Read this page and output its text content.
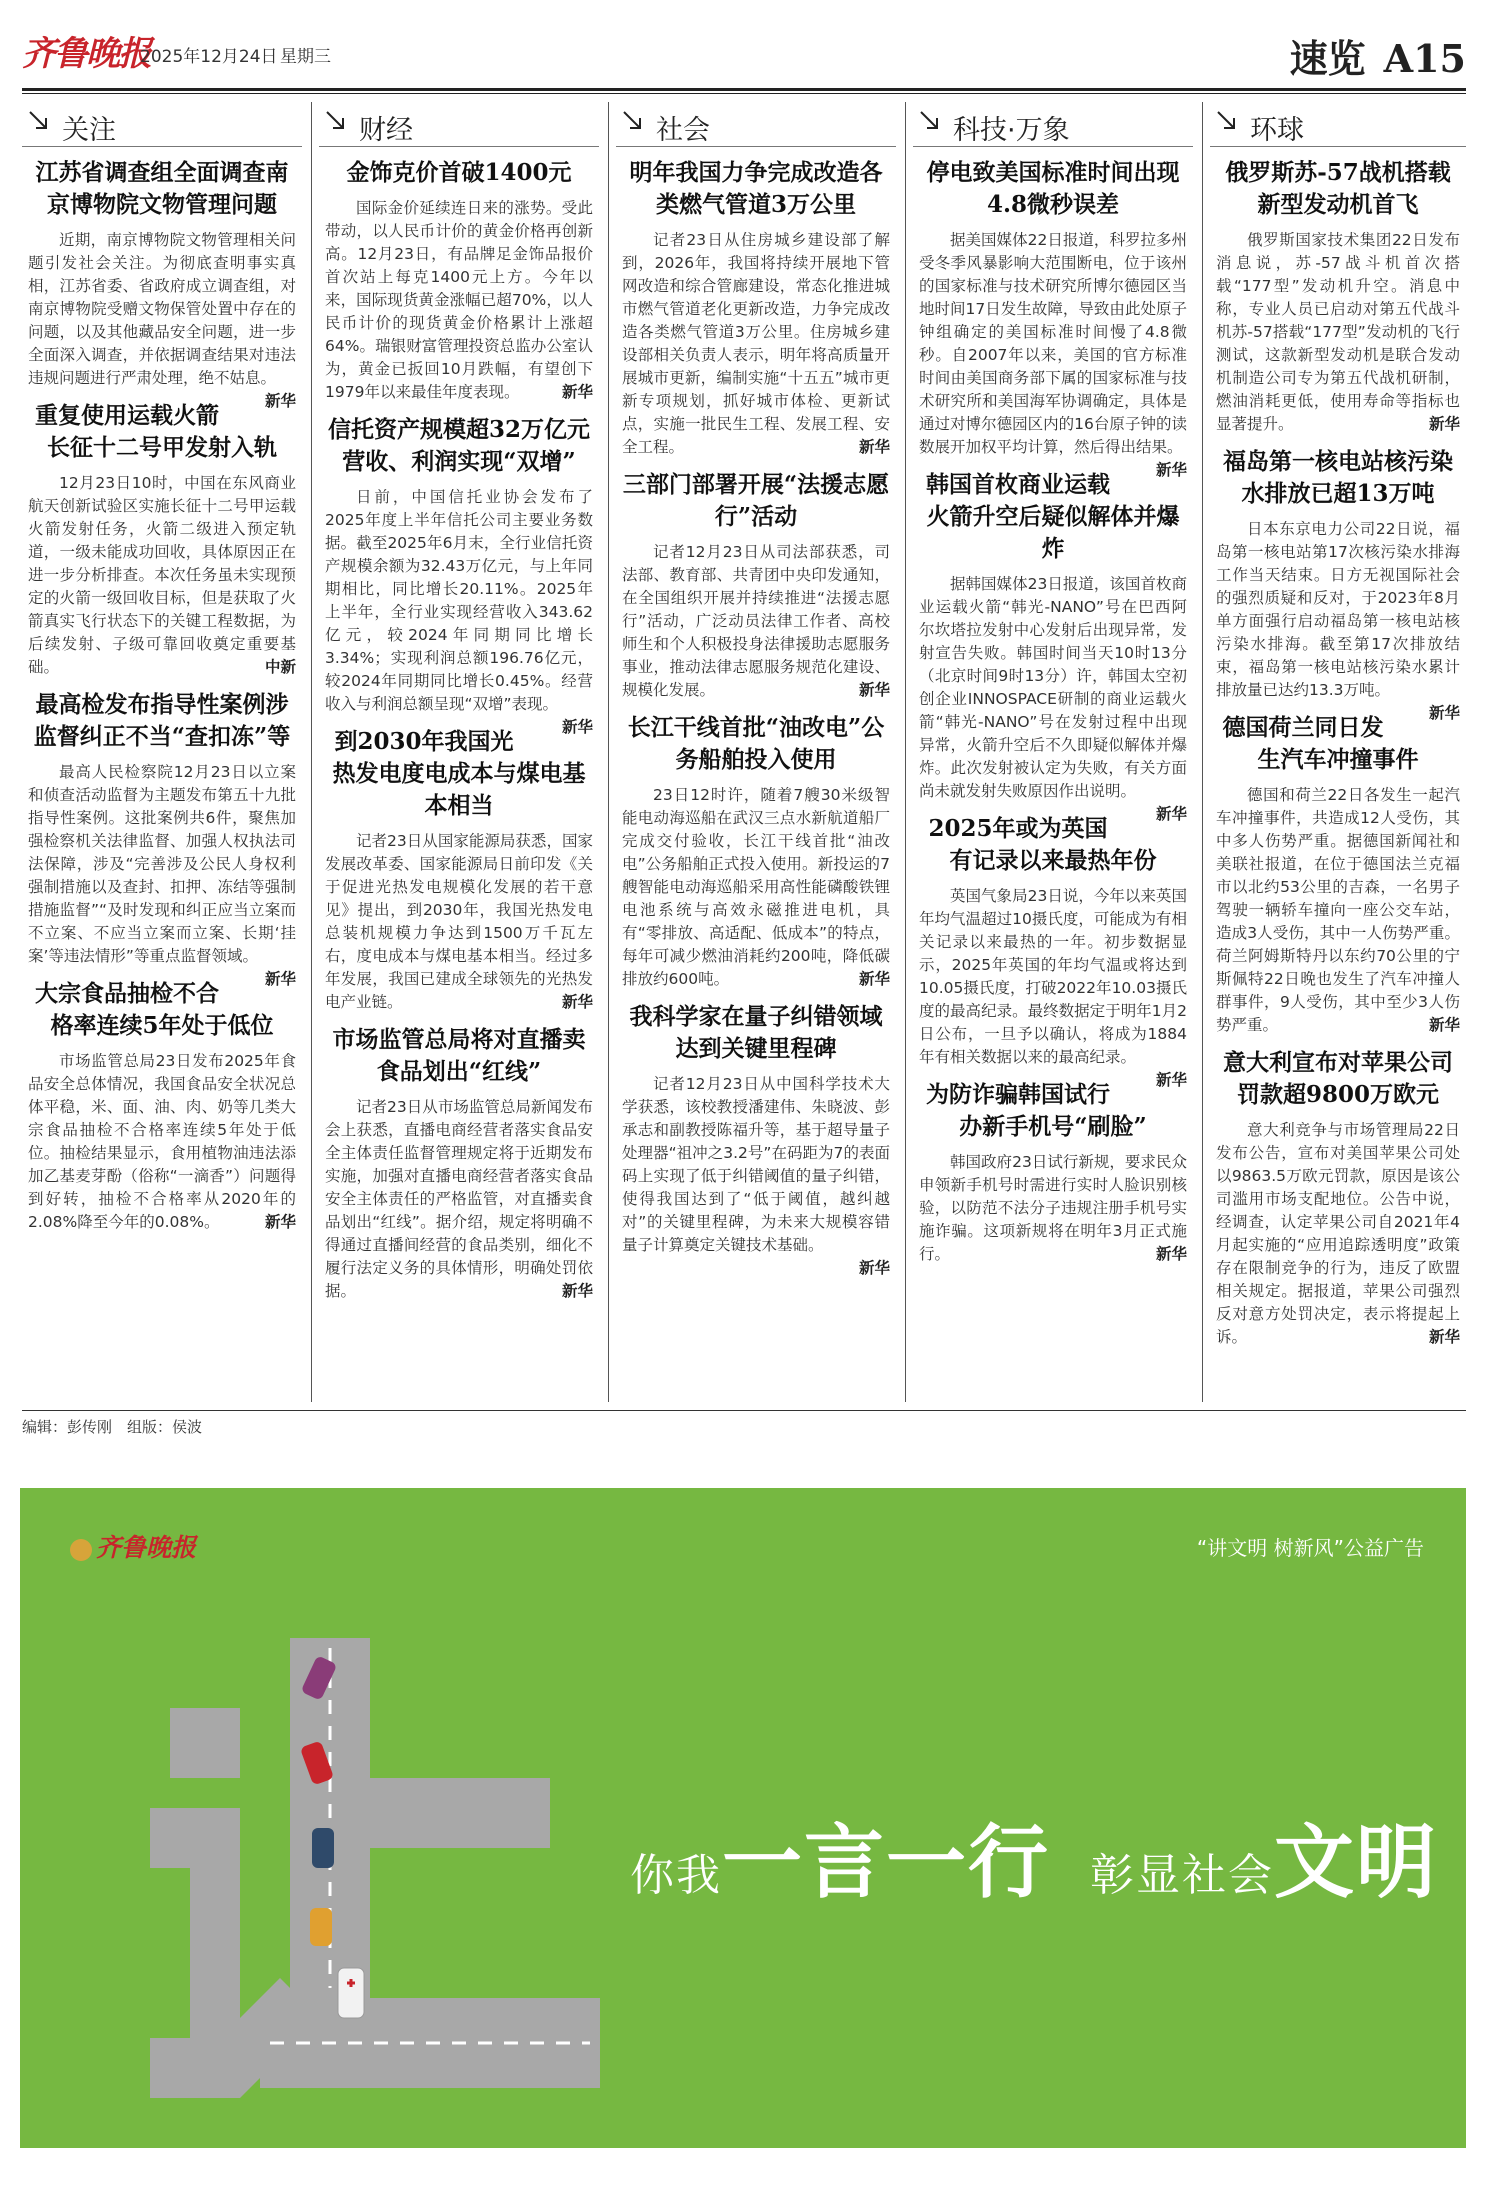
齐鲁晚报
2025年12月24日 星期三	速览 A15
关注
江苏省调查组全面调查南京博物院文物管理问题

近期，南京博物院文物管理相关问题引发社会关注。为彻底查明事实真相，江苏省委、省政府成立调查组，对南京博物院受赠文物保管处置中存在的问题，以及其他藏品安全问题，进一步全面深入调查，并依据调查结果对违法违规问题进行严肃处理，绝不姑息。
新华

重复使用运载火箭长征十二号甲发射入轨

12月23日10时，中国在东风商业航天创新试验区实施长征十二号甲运载火箭发射任务，火箭二级进入预定轨道，一级未能成功回收，具体原因正在进一步分析排查。本次任务虽未实现预定的火箭一级回收目标，但是获取了火箭真实飞行状态下的关键工程数据，为后续发射、子级可靠回收奠定重要基础。	中新

最高检发布指导性案例涉监督纠正不当“查扣冻”等

最高人民检察院12月23日以立案和侦查活动监督为主题发布第五十九批指导性案例。这批案例共6件，聚焦加强检察机关法律监督、加强人权执法司法保障，涉及“完善涉及公民人身权利强制措施以及查封、扣押、冻结等强制措施监督”“及时发现和纠正应当立案而不立案、不应当立案而立案、长期‘挂案’等违法情形”等重点监督领域。
新华

大宗食品抽检不合格率连续5年处于低位

市场监管总局23日发布2025年食品安全总体情况，我国食品安全状况总体平稳，米、面、油、肉、奶等几类大宗食品抽检不合格率连续5年处于低位。抽检结果显示，食用植物油违法添加乙基麦芽酚（俗称“一滴香”）问题得到好转，抽检不合格率从2020年的2.08%降至今年的0.08%。	新华

财经
金饰克价首破1400元

国际金价延续连日来的涨势。受此带动，以人民币计价的黄金价格再创新高。12月23日，有品牌足金饰品报价首次站上每克1400元上方。今年以来，国际现货黄金涨幅已超70%，以人民币计价的现货黄金价格累计上涨超64%。瑞银财富管理投资总监办公室认为，黄金已扳回10月跌幅，有望创下1979年以来最佳年度表现。	新华

信托资产规模超32万亿元营收、利润实现“双增”

日前，中国信托业协会发布了2025年度上半年信托公司主要业务数据。截至2025年6月末，全行业信托资产规模余额为32.43万亿元，与上年同期相比，同比增长20.11%。2025年上半年，全行业实现经营收入343.62亿元，较2024年同期同比增长3.34%；实现利润总额196.76亿元，较2024年同期同比增长0.45%。经营收入与利润总额呈现“双增”表现。
新华

到2030年我国光热发电度电成本与煤电基本相当

记者23日从国家能源局获悉，国家发展改革委、国家能源局日前印发《关于促进光热发电规模化发展的若干意见》提出，到2030年，我国光热发电总装机规模力争达到1500万千瓦左右，度电成本与煤电基本相当。经过多年发展，我国已建成全球领先的光热发电产业链。	新华

市场监管总局将对直播卖食品划出“红线”

记者23日从市场监管总局新闻发布会上获悉，直播电商经营者落实食品安全主体责任监督管理规定将于近期发布实施，加强对直播电商经营者落实食品安全主体责任的严格监管，对直播卖食品划出“红线”。据介绍，规定将明确不得通过直播间经营的食品类别，细化不履行法定义务的具体情形，明确处罚依据。	新华

社会
明年我国力争完成改造各类燃气管道3万公里

记者23日从住房城乡建设部了解到，2026年，我国将持续开展地下管网改造和综合管廊建设，常态化推进城市燃气管道老化更新改造，力争完成改造各类燃气管道3万公里。住房城乡建设部相关负责人表示，明年将高质量开展城市更新，编制实施“十五五”城市更新专项规划，抓好城市体检、更新试点，实施一批民生工程、发展工程、安全工程。	新华

三部门部署开展“法援志愿行”活动

记者12月23日从司法部获悉，司法部、教育部、共青团中央印发通知，在全国组织开展并持续推进“法援志愿行”活动，广泛动员法律工作者、高校师生和个人积极投身法律援助志愿服务事业，推动法律志愿服务规范化建设、规模化发展。	新华

长江干线首批“油改电”公务船舶投入使用

23日12时许，随着7艘30米级智能电动海巡船在武汉三点水新航道船厂完成交付验收，长江干线首批“油改电”公务船舶正式投入使用。新投运的7艘智能电动海巡船采用高性能磷酸铁锂电池系统与高效永磁推进电机，具有“零排放、高适配、低成本”的特点，每年可减少燃油消耗约200吨，降低碳排放约600吨。	新华

我科学家在量子纠错领域达到关键里程碑

记者12月23日从中国科学技术大学获悉，该校教授潘建伟、朱晓波、彭承志和副教授陈福升等，基于超导量子处理器“祖冲之3.2号”在码距为7的表面码上实现了低于纠错阈值的量子纠错，使得我国达到了“低于阈值，越纠越对”的关键里程碑，为未来大规模容错量子计算奠定关键技术基础。
新华

科技·万象
停电致美国标准时间出现4.8微秒误差

据美国媒体22日报道，科罗拉多州受冬季风暴影响大范围断电，位于该州的国家标准与技术研究所博尔德园区当地时间17日发生故障，导致由此处原子钟组确定的美国标准时间慢了4.8微秒。自2007年以来，美国的官方标准时间由美国商务部下属的国家标准与技术研究所和美国海军协调确定，具体是通过对博尔德园区内的16台原子钟的读数展开加权平均计算，然后得出结果。
新华

韩国首枚商业运载火箭升空后疑似解体并爆炸

据韩国媒体23日报道，该国首枚商业运载火箭“韩光-NANO”号在巴西阿尔坎塔拉发射中心发射后出现异常，发射宣告失败。韩国时间当天10时13分（北京时间9时13分）许，韩国太空初创企业INNOSPACE研制的商业运载火箭“韩光-NANO”号在发射过程中出现异常，火箭升空后不久即疑似解体并爆炸。此次发射被认定为失败，有关方面尚未就发射失败原因作出说明。
新华

2025年或为英国有记录以来最热年份

英国气象局23日说，今年以来英国年均气温超过10摄氏度，可能成为有相关记录以来最热的一年。初步数据显示，2025年英国的年均气温或将达到10.05摄氏度，打破2022年10.03摄氏度的最高纪录。最终数据定于明年1月2日公布，一旦予以确认，将成为1884年有相关数据以来的最高纪录。
新华

为防诈骗韩国试行办新手机号“刷脸”

韩国政府23日试行新规，要求民众申领新手机号时需进行实时人脸识别核验，以防范不法分子违规注册手机号实施诈骗。这项新规将在明年3月正式施行。	新华

环球
俄罗斯苏-57战机搭载新型发动机首飞

俄罗斯国家技术集团22日发布消息说，苏-57战斗机首次搭载“177型”发动机升空。消息中称，专业人员已启动对第五代战斗机苏-57搭载“177型”发动机的飞行测试，这款新型发动机是联合发动机制造公司专为第五代战机研制，燃油消耗更低，使用寿命等指标也显著提升。	新华

福岛第一核电站核污染水排放已超13万吨

日本东京电力公司22日说，福岛第一核电站第17次核污染水排海工作当天结束。日方无视国际社会的强烈质疑和反对，于2023年8月单方面强行启动福岛第一核电站核污染水排海。截至第17次排放结束，福岛第一核电站核污染水累计排放量已达约13.3万吨。
新华

德国荷兰同日发生汽车冲撞事件

德国和荷兰22日各发生一起汽车冲撞事件，共造成12人受伤，其中多人伤势严重。据德国新闻社和美联社报道，在位于德国法兰克福市以北约53公里的吉森，一名男子驾驶一辆轿车撞向一座公交车站，造成3人受伤，其中一人伤势严重。荷兰阿姆斯特丹以东约70公里的宁斯佩特22日晚也发生了汽车冲撞人群事件，9人受伤，其中至少3人伤势严重。	新华

意大利宣布对苹果公司罚款超9800万欧元

意大利竞争与市场管理局22日发布公告，宣布对美国苹果公司处以9863.5万欧元罚款，原因是该公司滥用市场支配地位。公告中说，经调查，认定苹果公司自2021年4月起实施的“应用追踪透明度”政策存在限制竞争的行为，违反了欧盟相关规定。据报道，苹果公司强烈反对意方处罚决定，表示将提起上诉。	新华

编辑：彭传刚　组版：侯波
齐鲁晚报	“讲文明 树新风”公益广告
你我一言一行 彰显社会文明
